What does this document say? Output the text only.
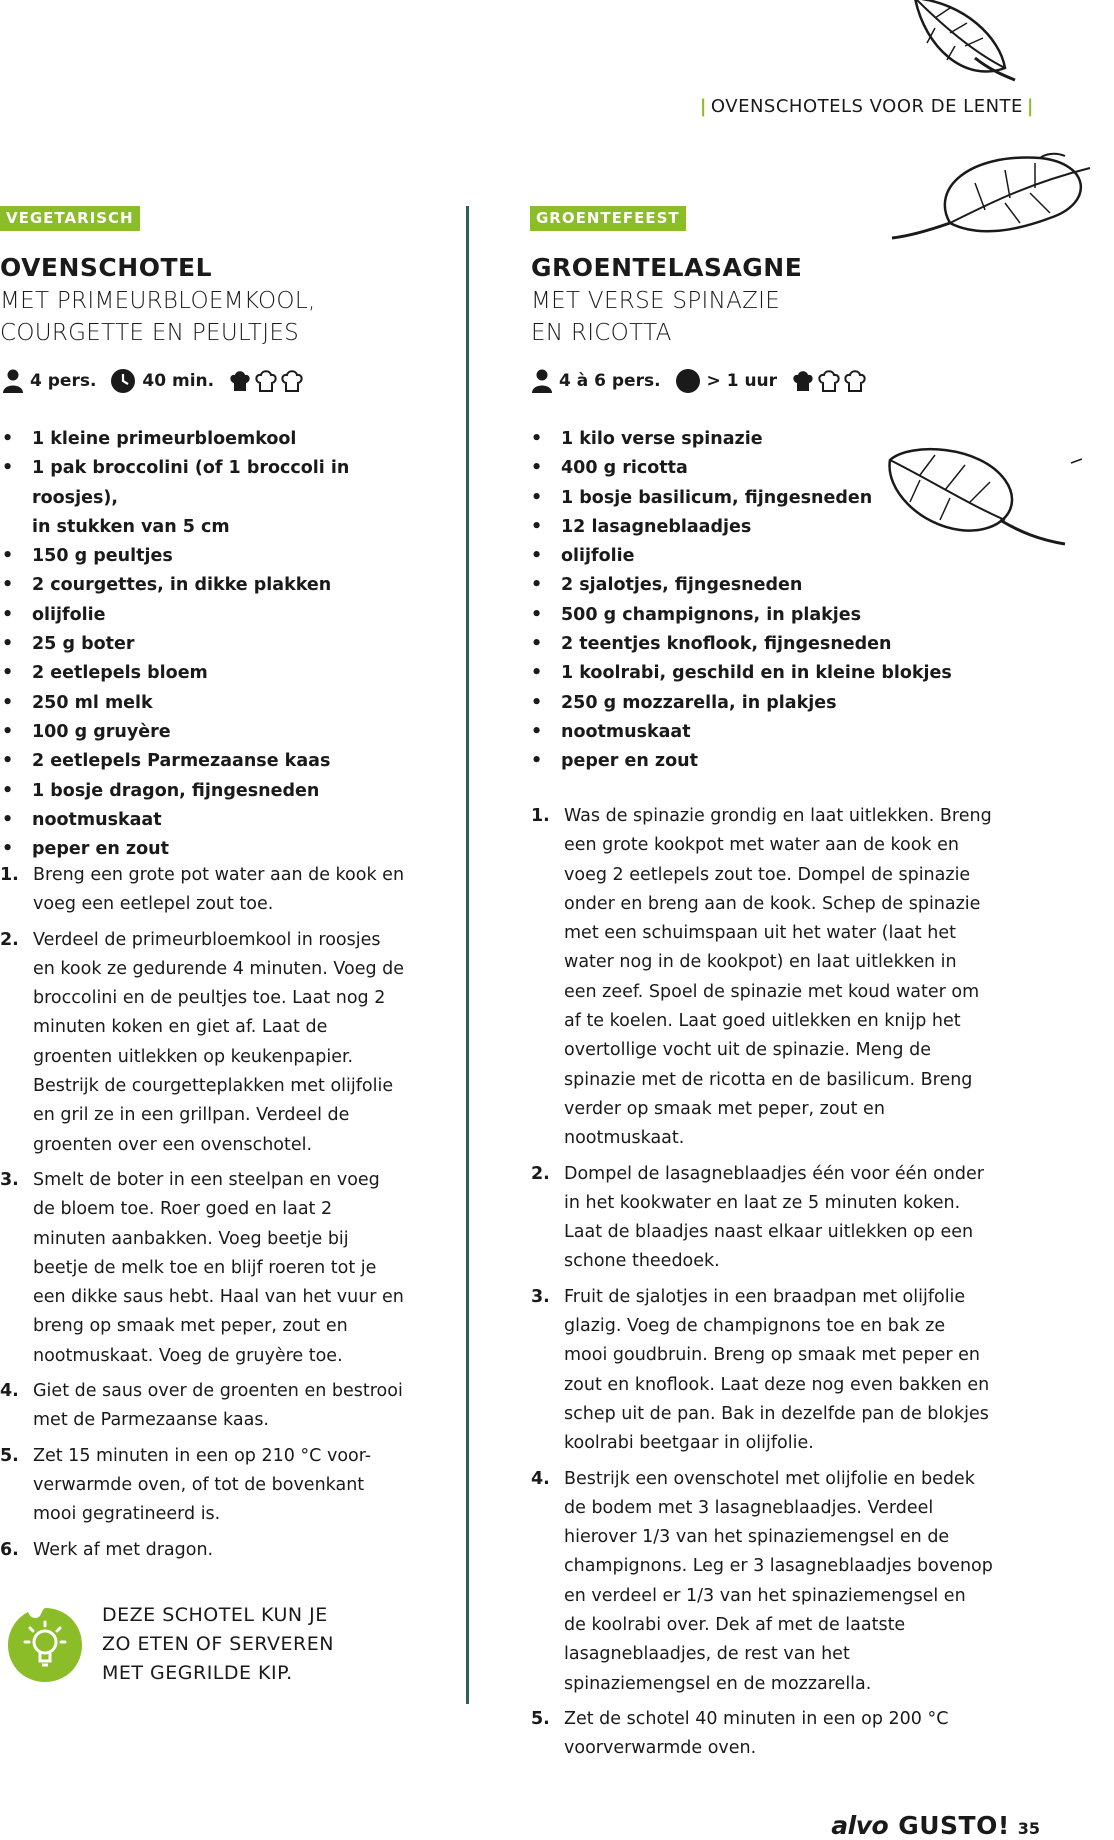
| OVENSCHOTELS VOOR DE LENTE |
VEGETARISCH
OVENSCHOTEL
MET PRIMEURBLOEMKOOL,
COURGETTE EN PEULTJES
4 pers.	40 min.
• 1 kleine primeurbloemkool
• 1 pak broccolini (of 1 broccoli in roosjes),
in stukken van 5 cm
• 150 g peultjes
• 2 courgettes, in dikke plakken
• olijfolie
• 25 g boter
• 2 eetlepels bloem
• 250 ml melk
• 100 g gruyère
• 2 eetlepels Parmezaanse kaas
• 1 bosje dragon, fijngesneden
• nootmuskaat
• peper en zout
1. Breng een grote pot water aan de kook en voeg een eetlepel zout toe.
2. Verdeel de primeurbloemkool in roosjes en kook ze gedurende 4 minuten. Voeg de broccolini en de peultjes toe. Laat nog 2 minuten koken en giet af. Laat de groenten uitlekken op keukenpapier. Bestrijk de courgetteplakken met olijfolie en gril ze in een grillpan. Verdeel de groenten over een ovenschotel.
3. Smelt de boter in een steelpan en voeg de bloem toe. Roer goed en laat 2 minuten aanbakken. Voeg beetje bij beetje de melk toe en blijf roeren tot je een dikke saus hebt. Haal van het vuur en breng op smaak met peper, zout en nootmuskaat. Voeg de gruyère toe.
4. Giet de saus over de groenten en bestrooi met de Parmezaanse kaas.
5. Zet 15 minuten in een op 210 °C voor-verwarmde oven, of tot de bovenkant mooi gegratineerd is.
6. Werk af met dragon.
DEZE SCHOTEL KUN JE
ZO ETEN OF SERVEREN
MET GEGRILDE KIP.
GROENTEFEEST
GROENTELASAGNE
MET VERSE SPINAZIE
EN RICOTTA
4 à 6 pers.	> 1 uur
• 1 kilo verse spinazie
• 400 g ricotta
• 1 bosje basilicum, fijngesneden
• 12 lasagneblaadjes
• olijfolie
• 2 sjalotjes, fijngesneden
• 500 g champignons, in plakjes
• 2 teentjes knoflook, fijngesneden
• 1 koolrabi, geschild en in kleine blokjes
• 250 g mozzarella, in plakjes
• nootmuskaat
• peper en zout
1. Was de spinazie grondig en laat uitlekken. Breng een grote kookpot met water aan de kook en voeg 2 eetlepels zout toe. Dompel de spinazie onder en breng aan de kook. Schep de spinazie met een schuimspaan uit het water (laat het water nog in de kookpot) en laat uitlekken in een zeef. Spoel de spinazie met koud water om af te koelen. Laat goed uitlekken en knijp het overtollige vocht uit de spinazie. Meng de spinazie met de ricotta en de basilicum. Breng verder op smaak met peper, zout en nootmuskaat.
2. Dompel de lasagneblaadjes één voor één onder in het kookwater en laat ze 5 minuten koken. Laat de blaadjes naast elkaar uitlekken op een schone theedoek.
3. Fruit de sjalotjes in een braadpan met olijfolie glazig. Voeg de champignons toe en bak ze mooi goudbruin. Breng op smaak met peper en zout en knoflook. Laat deze nog even bakken en schep uit de pan. Bak in dezelfde pan de blokjes koolrabi beetgaar in olijfolie.
4. Bestrijk een ovenschotel met olijfolie en bedek de bodem met 3 lasagneblaadjes. Verdeel hierover 1/3 van het spinaziemengsel en de champignons. Leg er 3 lasagneblaadjes bovenop en verdeel er 1/3 van het spinaziemengsel en de koolrabi over. Dek af met de laatste lasagneblaadjes, de rest van het spinaziemengsel en de mozzarella.
5. Zet de schotel 40 minuten in een op 200 °C voorverwarmde oven.
alvo GUSTO! 35
